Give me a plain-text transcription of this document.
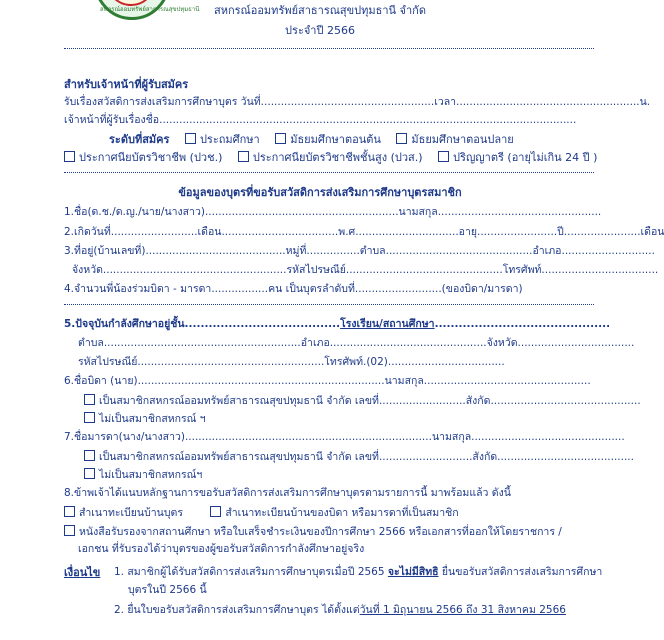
สหกรณ์ออมทรัพย์สาธารณสุขปทุมธานี	สหกรณ์ออมทรัพย์สาธารณสุขปทุมธานี จำกัด
ประจำปี 2566
สำหรับเจ้าหน้าที่ผู้รับสมัคร
รับเรื่องสวัสดิการส่งเสริมการศึกษาบุตร วันที่....................................................เวลา.......................................................น.
เจ้าหน้าที่ผู้รับเรื่องชื่อ.............................................................................................................................
ระดับที่สมัคร	ประถมศึกษา	มัธยมศึกษาตอนต้น	มัธยมศึกษาตอนปลาย
ประกาศนียบัตรวิชาชีพ (ปวช.)	ประกาศนียบัตรวิชาชีพชั้นสูง (ปวส.)	ปริญญาตรี (อายุไม่เกิน 24 ปี )
ข้อมูลของบุตรที่ขอรับสวัสดิการส่งเสริมการศึกษาบุตรสมาชิก
1.ชื่อ(ด.ช./ด.ญ./นาย/นางสาว)..........................................................นามสกุล.................................................
2.เกิดวันที่..........................เดือน...................................พ.ศ...............................อายุ........................ปี.......................เดือน
3.ที่อยู่(บ้านเลขที่)..........................................หมู่ที่................ตำบล............................................อำเภอ............................
จังหวัด.......................................................รหัสไปรษณีย์...............................................โทรศัพท์...................................
4.จำนวนพี่น้องร่วมบิดา - มารดา.................คน เป็นบุตรลำดับที่..........................(ของบิดา/มารดา)
5.ปัจจุบันกำลังศึกษาอยู่ชั้น.......................................โรงเรียน/สถานศึกษา............................................
ตำบล...........................................................อำเภอ...............................................จังหวัด...................................
รหัสไปรษณีย์........................................................โทรศัพท์.(02)...................................
6.ชื่อบิดา (นาย)..........................................................................นามสกุล..................................................
เป็นสมาชิกสหกรณ์ออมทรัพย์สาธารณสุขปทุมธานี จำกัด เลขที่..........................สังกัด.............................................
ไม่เป็นสมาชิกสหกรณ์ ฯ
7.ชื่อมารดา(นาง/นางสาว)..........................................................................นามสกุล..............................................
เป็นสมาชิกสหกรณ์ออมทรัพย์สาธารณสุขปทุมธานี จำกัด เลขที่............................สังกัด.........................................
ไม่เป็นสมาชิกสหกรณ์ฯ
8.ข้าพเจ้าได้แนบหลักฐานการขอรับสวัสดิการส่งเสริมการศึกษาบุตรตามรายการนี้ มาพร้อมแล้ว ดังนี้
สำเนาทะเบียนบ้านบุตร	สำเนาทะเบียนบ้านของบิดา หรือมารดาที่เป็นสมาชิก
หนังสือรับรองจากสถานศึกษา หรือใบเสร็จชำระเงินของปีการศึกษา 2566 หรือเอกสารที่ออกให้โดยราชการ /
เอกชน ที่รับรองได้ว่าบุตรของผู้ขอรับสวัสดิการกำลังศึกษาอยู่จริง
เงื่อนไข 1. สมาชิกผู้ได้รับสวัสดิการส่งเสริมการศึกษาบุตรเมื่อปี 2565 จะไม่มีสิทธิ ยื่นขอรับสวัสดิการส่งเสริมการศึกษา
บุตรในปี 2566 นี้
2. ยื่นใบขอรับสวัสดิการส่งเสริมการศึกษาบุตร ได้ตั้งแต่วันที่ 1 มิถุนายน 2566 ถึง 31 สิงหาคม 2566
